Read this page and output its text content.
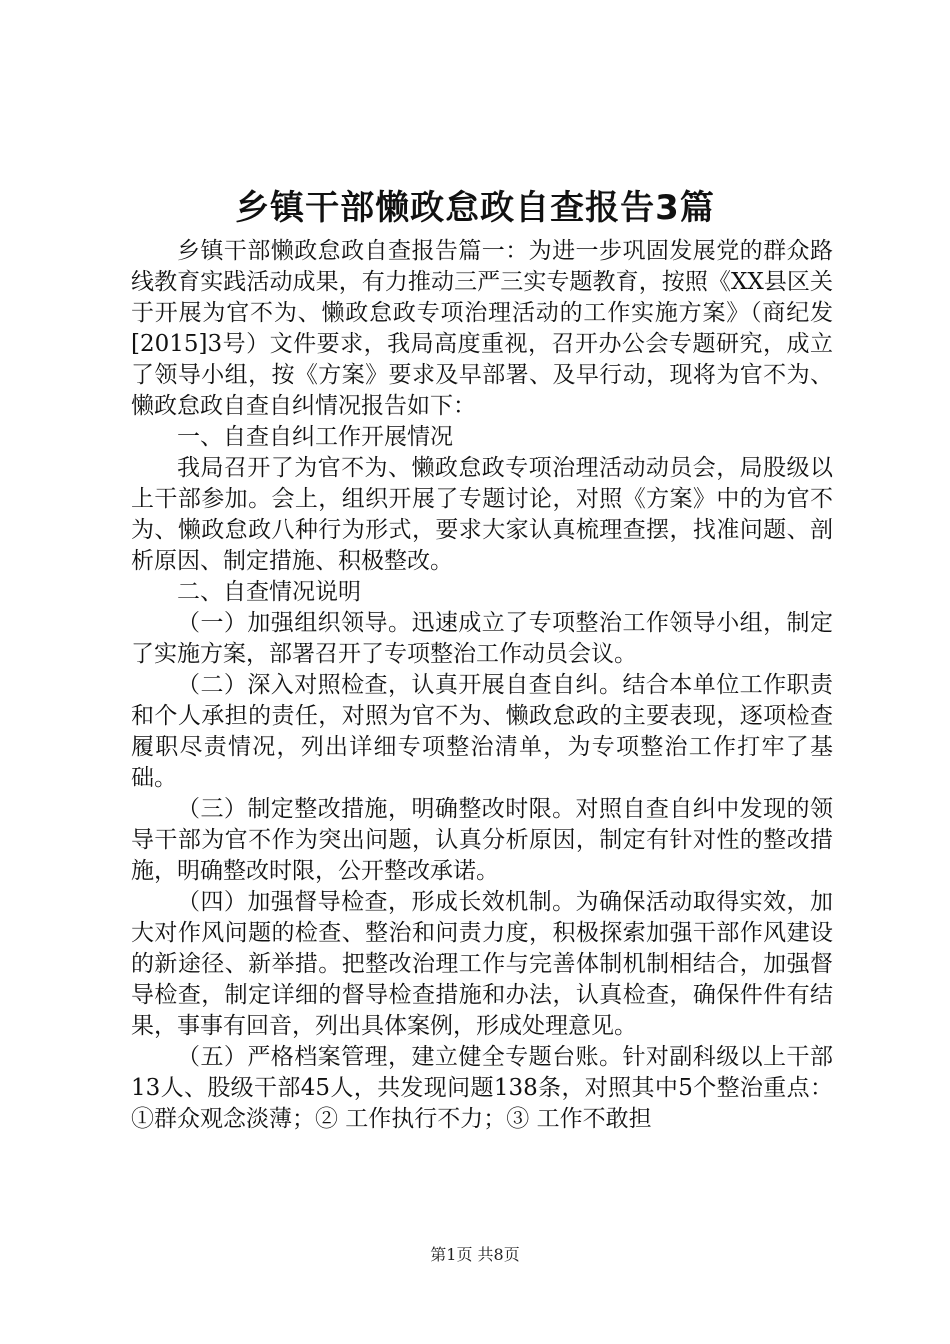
乡镇干部懒政怠政自查报告3篇

乡镇干部懒政怠政自查报告篇一：为进一步巩固发展党的群众路线教育实践活动成果，有力推动三严三实专题教育，按照《XX县区关于开展为官不为、懒政怠政专项治理活动的工作实施方案》（商纪发[2015]3号）文件要求，我局高度重视，召开办公会专题研究，成立了领导小组，按《方案》要求及早部署、及早行动，现将为官不为、懒政怠政自查自纠情况报告如下：

一、自查自纠工作开展情况

我局召开了为官不为、懒政怠政专项治理活动动员会，局股级以上干部参加。会上，组织开展了专题讨论，对照《方案》中的为官不为、懒政怠政八种行为形式，要求大家认真梳理查摆，找准问题、剖析原因、制定措施、积极整改。

二、自查情况说明

（一）加强组织领导。迅速成立了专项整治工作领导小组，制定了实施方案，部署召开了专项整治工作动员会议。

（二）深入对照检查，认真开展自查自纠。结合本单位工作职责和个人承担的责任，对照为官不为、懒政怠政的主要表现，逐项检查履职尽责情况，列出详细专项整治清单，为专项整治工作打牢了基础。

（三）制定整改措施，明确整改时限。对照自查自纠中发现的领导干部为官不作为突出问题，认真分析原因，制定有针对性的整改措施，明确整改时限，公开整改承诺。

（四）加强督导检查，形成长效机制。为确保活动取得实效，加大对作风问题的检查、整治和问责力度，积极探索加强干部作风建设的新途径、新举措。把整改治理工作与完善体制机制相结合，加强督导检查，制定详细的督导检查措施和办法，认真检查，确保件件有结果，事事有回音，列出具体案例，形成处理意见。

（五）严格档案管理，建立健全专题台账。针对副科级以上干部13人、股级干部45人，共发现问题138条，对照其中5个整治重点：①群众观念淡薄；② 工作执行不力；③ 工作不敢担

第1页 共8页
